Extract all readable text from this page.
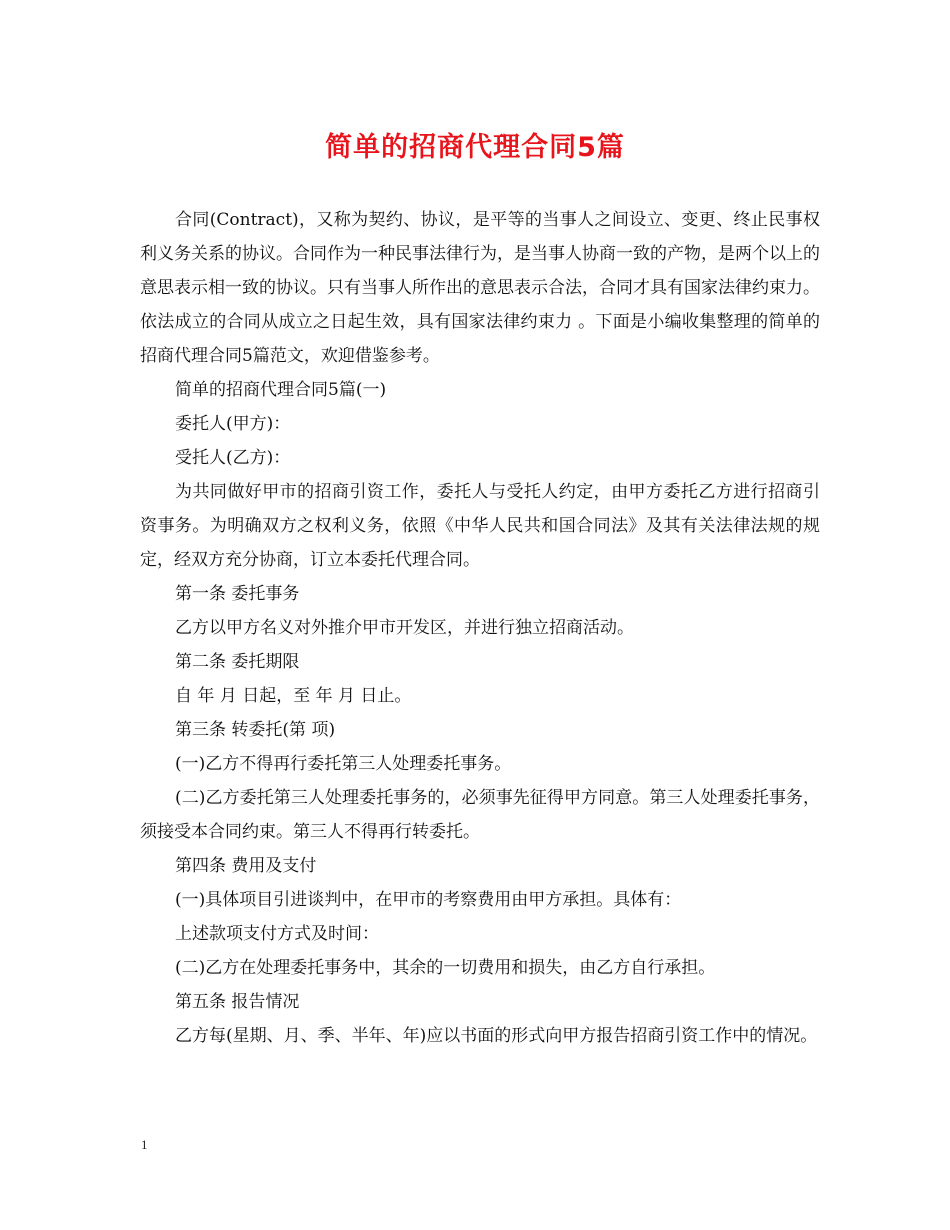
简单的招商代理合同5篇

合同(Contract)，又称为契约、协议，是平等的当事人之间设立、变更、终止民事权利义务关系的协议。合同作为一种民事法律行为，是当事人协商一致的产物，是两个以上的意思表示相一致的协议。只有当事人所作出的意思表示合法，合同才具有国家法律约束力。依法成立的合同从成立之日起生效，具有国家法律约束力 。下面是小编收集整理的简单的招商代理合同5篇范文，欢迎借鉴参考。

简单的招商代理合同5篇(一)

委托人(甲方)：

受托人(乙方)：

为共同做好甲市的招商引资工作，委托人与受托人约定，由甲方委托乙方进行招商引资事务。为明确双方之权利义务，依照《中华人民共和国合同法》及其有关法律法规的规定，经双方充分协商，订立本委托代理合同。

第一条 委托事务

乙方以甲方名义对外推介甲市开发区，并进行独立招商活动。

第二条 委托期限

自 年 月 日起，至 年 月 日止。

第三条 转委托(第 项)

(一)乙方不得再行委托第三人处理委托事务。

(二)乙方委托第三人处理委托事务的，必须事先征得甲方同意。第三人处理委托事务，须接受本合同约束。第三人不得再行转委托。

第四条 费用及支付

(一)具体项目引进谈判中，在甲市的考察费用由甲方承担。具体有：

上述款项支付方式及时间：

(二)乙方在处理委托事务中，其余的一切费用和损失，由乙方自行承担。

第五条 报告情况

乙方每(星期、月、季、半年、年)应以书面的形式向甲方报告招商引资工作中的情况。

1
